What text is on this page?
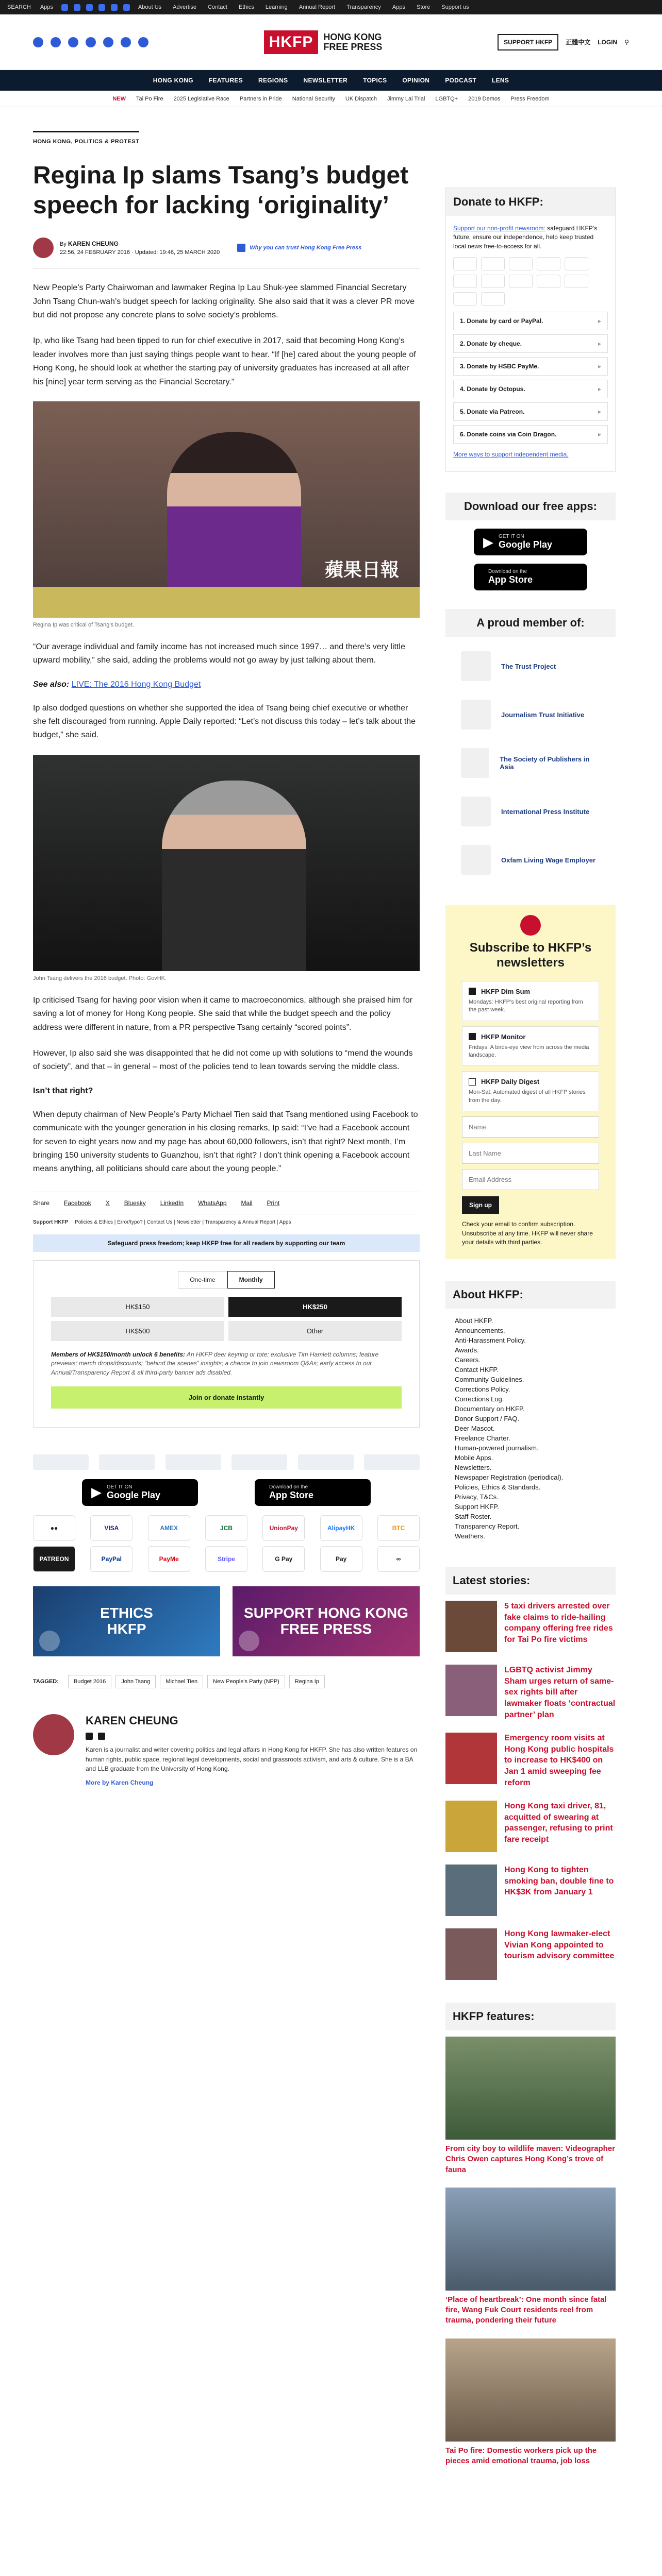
SEARCH Apps	About Us Advertise Contact Ethics Learning Annual Report Transparency Apps Store Support us
HKFP	HONG KONG
FREE PRESS	SUPPORT HKFP	正體中文 LOGIN ⚲
HONG KONG	FEATURES	REGIONS	NEWSLETTER	TOPICS	OPINION	PODCAST	LENS
NEW Tai Po Fire 2025 Legislative Race Partners in Pride National Security UK Dispatch Jimmy Lai Trial LGBTQ+ 2019 Demos Press Freedom
HONG KONG, POLITICS & PROTEST
Regina Ip slams Tsang’s budget speech for lacking ‘originality’
By KAREN CHEUNG
22:56, 24 FEBRUARY 2016 · Updated: 19:46, 25 MARCH 2020
Why you can trust Hong Kong Free Press

New People’s Party Chairwoman and lawmaker Regina Ip Lau Shuk-yee slammed Financial Secretary John Tsang Chun-wah’s budget speech for lacking originality. She also said that it was a clever PR move but did not propose any concrete plans to solve society’s problems.

Ip, who like Tsang had been tipped to run for chief executive in 2017, said that becoming Hong Kong’s leader involves more than just saying things people want to hear. “If [he] cared about the young people of Hong Kong, he should look at whether the starting pay of university graduates has increased at all after his [nine] year term serving as the Financial Secretary.”

蘋果日報
Regina Ip was critical of Tsang’s budget.

“Our average individual and family income has not increased much since 1997… and there’s very little upward mobility,” she said, adding the problems would not go away by just talking about them.

See also: LIVE: The 2016 Hong Kong Budget

Ip also dodged questions on whether she supported the idea of Tsang being chief executive or whether she felt discouraged from running. Apple Daily reported: “Let’s not discuss this today – let’s talk about the budget,” she said.

John Tsang delivers the 2016 budget. Photo: GovHK.

Ip criticised Tsang for having poor vision when it came to macroeconomics, although she praised him for saving a lot of money for Hong Kong people. She said that while the budget speech and the policy address were different in nature, from a PR perspective Tsang certainly “scored points”.

However, Ip also said she was disappointed that he did not come up with solutions to “mend the wounds of society”, and that – in general – most of the policies tend to lean towards serving the middle class.

Isn’t that right?

When deputy chairman of New People’s Party Michael Tien said that Tsang mentioned using Facebook to communicate with the younger generation in his closing remarks, Ip said: “I’ve had a Facebook account for seven to eight years now and my page has about 60,000 followers, isn’t that right? Next month, I’m bringing 150 university students to Guanzhou, isn’t that right? I don’t think opening a Facebook account means anything, all politicians should care about the young people.”

Share Facebook X Bluesky LinkedIn WhatsApp Mail Print
Support HKFP Policies & Ethics | Error/typo? | Contact Us | Newsletter | Transparency & Annual Report | Apps
Safeguard press freedom; keep HKFP free for all readers by supporting our team
One-time	Monthly
HK$150	HK$250
HK$500	Other
Members of HK$150/month unlock 6 benefits: An HKFP deer keyring or tote; exclusive Tim Hamlett columns; feature previews; merch drops/discounts; “behind the scenes” insights; a chance to join newsroom Q&As; early access to our Annual/Transparency Report & all third-party banner ads disabled.
Join or donate instantly
▶ GET IT ON
Google Play
Download on the
App Store
●●	VISA	AMEX	JCB	UnionPay	AlipayHK	BTC
PATREON	PayPal	PayMe	Stripe	G Pay	Pay	∞
ETHICS
HKFP
SUPPORT HONG KONG
FREE PRESS
TAGGED:	Budget 2016	John Tsang	Michael Tien	New People's Party (NPP)	Regina Ip
KAREN CHEUNG

Karen is a journalist and writer covering politics and legal affairs in Hong Kong for HKFP. She has also written features on human rights, public space, regional legal developments, social and grassroots activism, and arts & culture. She is a BA and LLB graduate from the University of Hong Kong.

More by Karen Cheung
Donate to HKFP:
Support our non-profit newsroom: safeguard HKFP’s future, ensure our independence, help keep trusted local news free-to-access for all.
1. Donate by card or PayPal.	▸
2. Donate by cheque.	▸
3. Donate by HSBC PayMe.	▸
4. Donate by Octopus.	▸
5. Donate via Patreon.	▸
6. Donate coins via Coin Dragon.	▸
More ways to support independent media.
Download our free apps:
▶ GET IT ON
Google Play
Download on the
App Store
A proud member of:
The Trust Project
Journalism Trust Initiative
The Society of Publishers in Asia
International Press Institute
Oxfam Living Wage Employer
Subscribe to HKFP’s newsletters
HKFP Dim Sum
Mondays: HKFP’s best original reporting from the past week.
HKFP Monitor
Fridays: A birds-eye view from across the media landscape.
HKFP Daily Digest
Mon-Sat: Automated digest of all HKFP stories from the day.
Name
Last Name
Email Address
Sign up
Check your email to confirm subscription. Unsubscribe at any time. HKFP will never share your details with third parties.
About HKFP:
About HKFP.
Announcements.
Anti-Harassment Policy.
Awards.
Careers.
Contact HKFP.
Community Guidelines.
Corrections Policy.
Corrections Log.
Documentary on HKFP.
Donor Support / FAQ.
Deer Mascot.
Freelance Charter.
Human-powered journalism.
Mobile Apps.
Newsletters.
Newspaper Registration (periodical).
Policies, Ethics & Standards.
Privacy, T&Cs.
Support HKFP.
Staff Roster.
Transparency Report.
Weathers.
Latest stories:
5 taxi drivers arrested over fake claims to ride-hailing company offering free rides for Tai Po fire victims
LGBTQ activist Jimmy Sham urges return of same-sex rights bill after lawmaker floats ‘contractual partner’ plan
Emergency room visits at Hong Kong public hospitals to increase to HK$400 on Jan 1 amid sweeping fee reform
Hong Kong taxi driver, 81, acquitted of swearing at passenger, refusing to print fare receipt
Hong Kong to tighten smoking ban, double fine to HK$3K from January 1
Hong Kong lawmaker-elect Vivian Kong appointed to tourism advisory committee
HKFP features:
From city boy to wildlife maven: Videographer Chris Owen captures Hong Kong’s trove of fauna
‘Place of heartbreak’: One month since fatal fire, Wang Fuk Court residents reel from trauma, pondering their future
Tai Po fire: Domestic workers pick up the pieces amid emotional trauma, job loss
